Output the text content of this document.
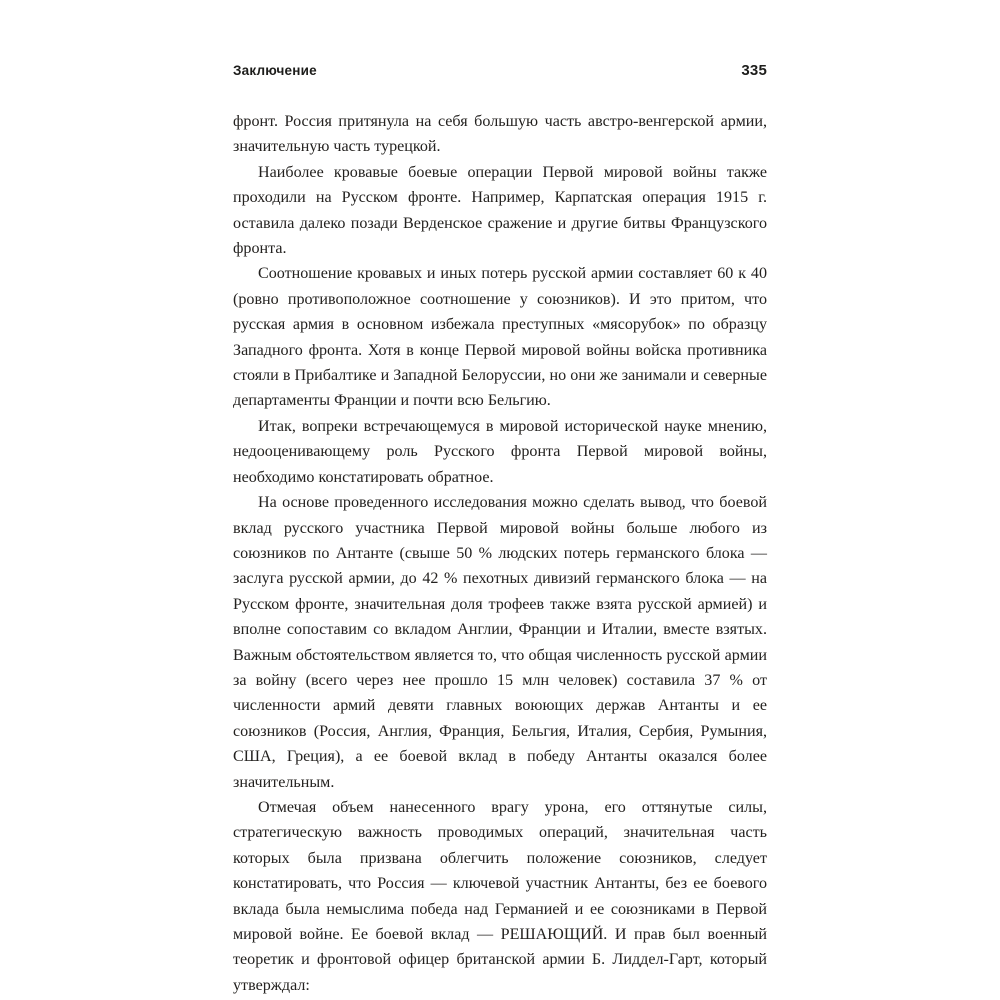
Заключение	335

фронт. Россия притянула на себя большую часть австро-венгерской армии, значительную часть турецкой.

Наиболее кровавые боевые операции Первой мировой войны также проходили на Русском фронте. Например, Карпатская операция 1915 г. оставила далеко позади Верденское сражение и другие битвы Французского фронта.

Соотношение кровавых и иных потерь русской армии составляет 60 к 40 (ровно противоположное соотношение у союзников). И это притом, что русская армия в основном избежала преступных «мясорубок» по образцу Западного фронта. Хотя в конце Первой мировой войны войска противника стояли в Прибалтике и Западной Белоруссии, но они же занимали и северные департаменты Франции и почти всю Бельгию.

Итак, вопреки встречающемуся в мировой исторической науке мнению, недооценивающему роль Русского фронта Первой мировой войны, необходимо констатировать обратное.

На основе проведенного исследования можно сделать вывод, что боевой вклад русского участника Первой мировой войны больше любого из союзников по Антанте (свыше 50 % людских потерь германского блока — заслуга русской армии, до 42 % пехотных дивизий германского блока — на Русском фронте, значительная доля трофеев также взята русской армией) и вполне сопоставим со вкладом Англии, Франции и Италии, вместе взятых. Важным обстоятельством является то, что общая численность русской армии за войну (всего через нее прошло 15 млн человек) составила 37 % от численности армий девяти главных воюющих держав Антанты и ее союзников (Россия, Англия, Франция, Бельгия, Италия, Сербия, Румыния, США, Греция), а ее боевой вклад в победу Антанты оказался более значительным.

Отмечая объем нанесенного врагу урона, его оттянутые силы, стратегическую важность проводимых операций, значительная часть которых была призвана облегчить положение союзников, следует констатировать, что Россия — ключевой участник Антанты, без ее боевого вклада была немыслима победа над Германией и ее союзниками в Первой мировой войне. Ее боевой вклад — РЕШАЮЩИЙ. И прав был военный теоретик и фронтовой офицер британской армии Б. Лиддел-Гарт, который утверждал:
